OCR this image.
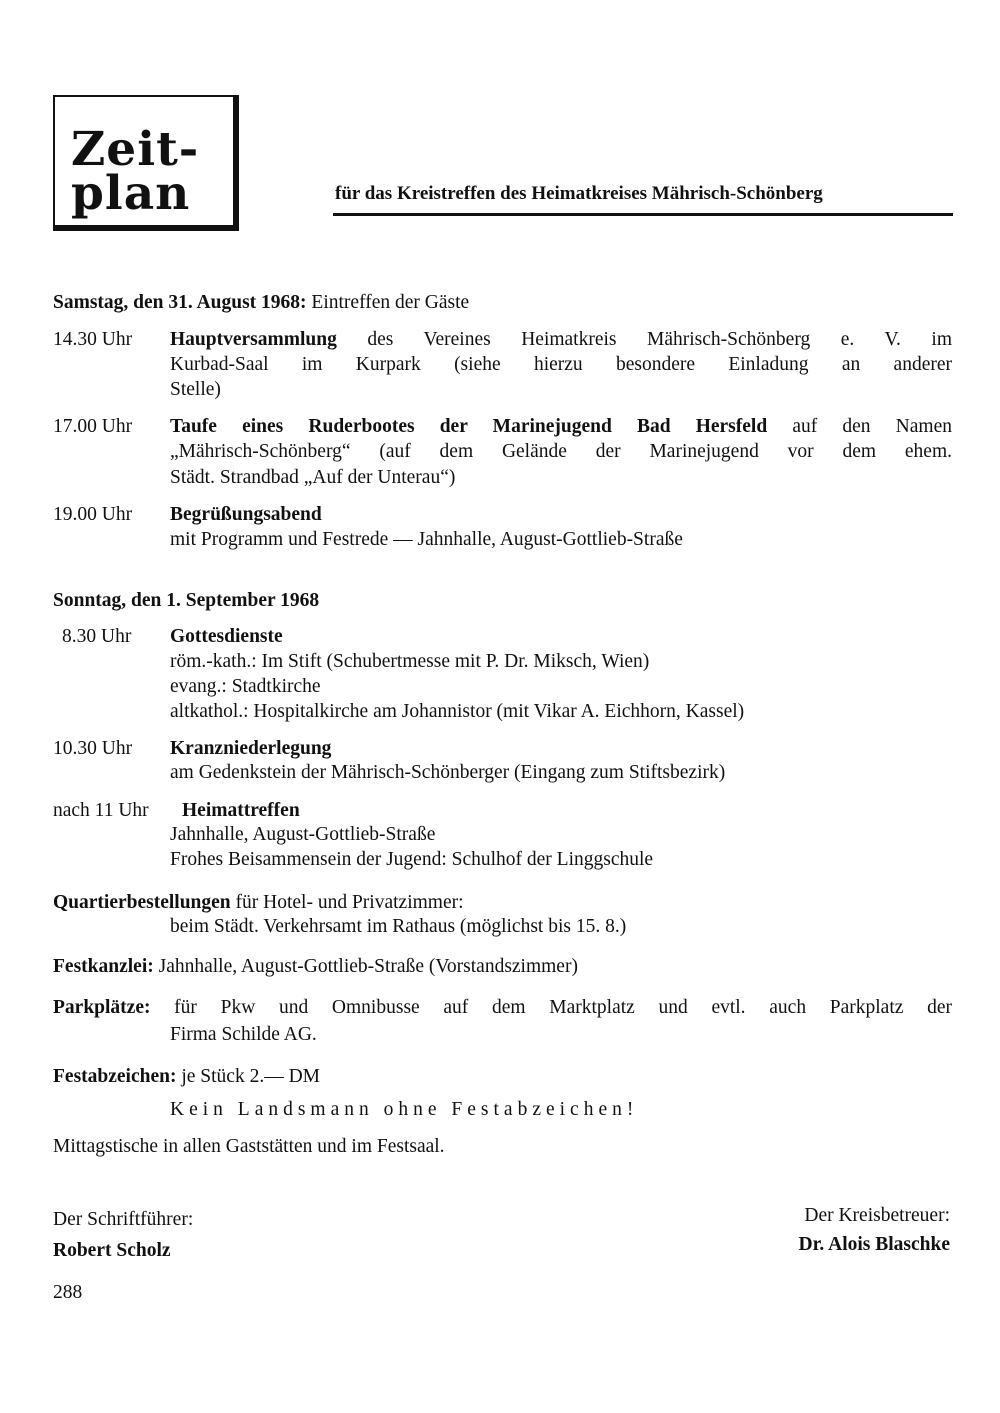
Zeit-
plan	für das Kreistreffen des Heimatkreises Mährisch-Schönberg
Samstag, den 31. August 1968: Eintreffen der Gäste
14.30 Uhr Hauptversammlung des Vereines Heimatkreis Mährisch-Schönberg e. V. im
Kurbad-Saal im Kurpark (siehe hierzu besondere Einladung an anderer
Stelle)
17.00 Uhr Taufe eines Ruderbootes der Marinejugend Bad Hersfeld auf den Namen
„Mährisch-Schönberg“ (auf dem Gelände der Marinejugend vor dem ehem.
Städt. Strandbad „Auf der Unterau“)
19.00 Uhr Begrüßungsabend
mit Programm und Festrede — Jahnhalle, August-Gottlieb-Straße
Sonntag, den 1. September 1968
8.30 Uhr Gottesdienste
röm.-kath.: Im Stift (Schubertmesse mit P. Dr. Miksch, Wien)
evang.: Stadtkirche
altkathol.: Hospitalkirche am Johannistor (mit Vikar A. Eichhorn, Kassel)
10.30 Uhr Kranzniederlegung
am Gedenkstein der Mährisch-Schönberger (Eingang zum Stiftsbezirk)
nach 11 Uhr Heimattreffen
Jahnhalle, August-Gottlieb-Straße
Frohes Beisammensein der Jugend: Schulhof der Linggschule
Quartierbestellungen für Hotel- und Privatzimmer:
beim Städt. Verkehrsamt im Rathaus (möglichst bis 15. 8.)
Festkanzlei: Jahnhalle, August-Gottlieb-Straße (Vorstandszimmer)
Parkplätze: für Pkw und Omnibusse auf dem Marktplatz und evtl. auch Parkplatz der
Firma Schilde AG.
Festabzeichen: je Stück 2.— DM
Kein Landsmann ohne Festabzeichen!
Mittagstische in allen Gaststätten und im Festsaal.
Der Schriftführer:
Robert Scholz
Der Kreisbetreuer:
Dr. Alois Blaschke
288
